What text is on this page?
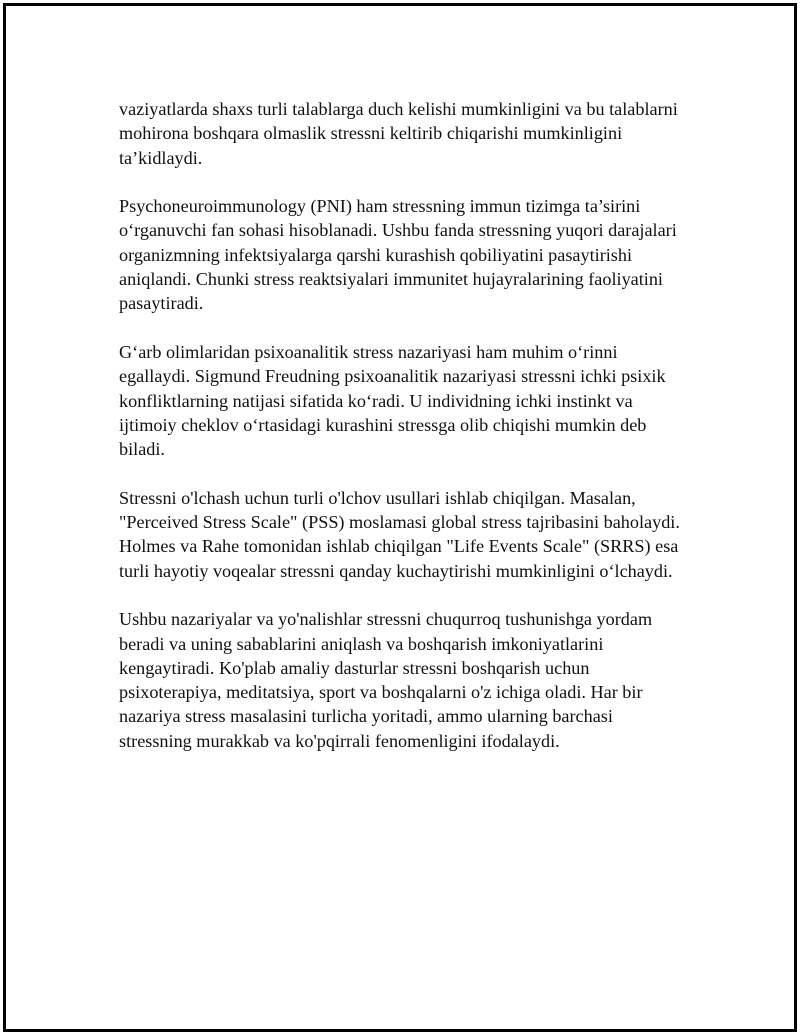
vaziyatlarda shaxs turli talablarga duch kelishi mumkinligini va bu talablarni
mohirona boshqara olmaslik stressni keltirib chiqarishi mumkinligini
ta’kidlaydi.

Psychoneuroimmunology (PNI) ham stressning immun tizimga ta’sirini
o‘rganuvchi fan sohasi hisoblanadi. Ushbu fanda stressning yuqori darajalari
organizmning infektsiyalarga qarshi kurashish qobiliyatini pasaytirishi
aniqlandi. Chunki stress reaktsiyalari immunitet hujayralarining faoliyatini
pasaytiradi.

G‘arb olimlaridan psixoanalitik stress nazariyasi ham muhim o‘rinni
egallaydi. Sigmund Freudning psixoanalitik nazariyasi stressni ichki psixik
konfliktlarning natijasi sifatida ko‘radi. U individning ichki instinkt va
ijtimoiy cheklov o‘rtasidagi kurashini stressga olib chiqishi mumkin deb
biladi.

Stressni o'lchash uchun turli o'lchov usullari ishlab chiqilgan. Masalan,
"Perceived Stress Scale" (PSS) moslamasi global stress tajribasini baholaydi.
Holmes va Rahe tomonidan ishlab chiqilgan "Life Events Scale" (SRRS) esa
turli hayotiy voqealar stressni qanday kuchaytirishi mumkinligini o‘lchaydi.

Ushbu nazariyalar va yo'nalishlar stressni chuqurroq tushunishga yordam
beradi va uning sabablarini aniqlash va boshqarish imkoniyatlarini
kengaytiradi. Ko'plab amaliy dasturlar stressni boshqarish uchun
psixoterapiya, meditatsiya, sport va boshqalarni o'z ichiga oladi. Har bir
nazariya stress masalasini turlicha yoritadi, ammo ularning barchasi
stressning murakkab va ko'pqirrali fenomenligini ifodalaydi.
